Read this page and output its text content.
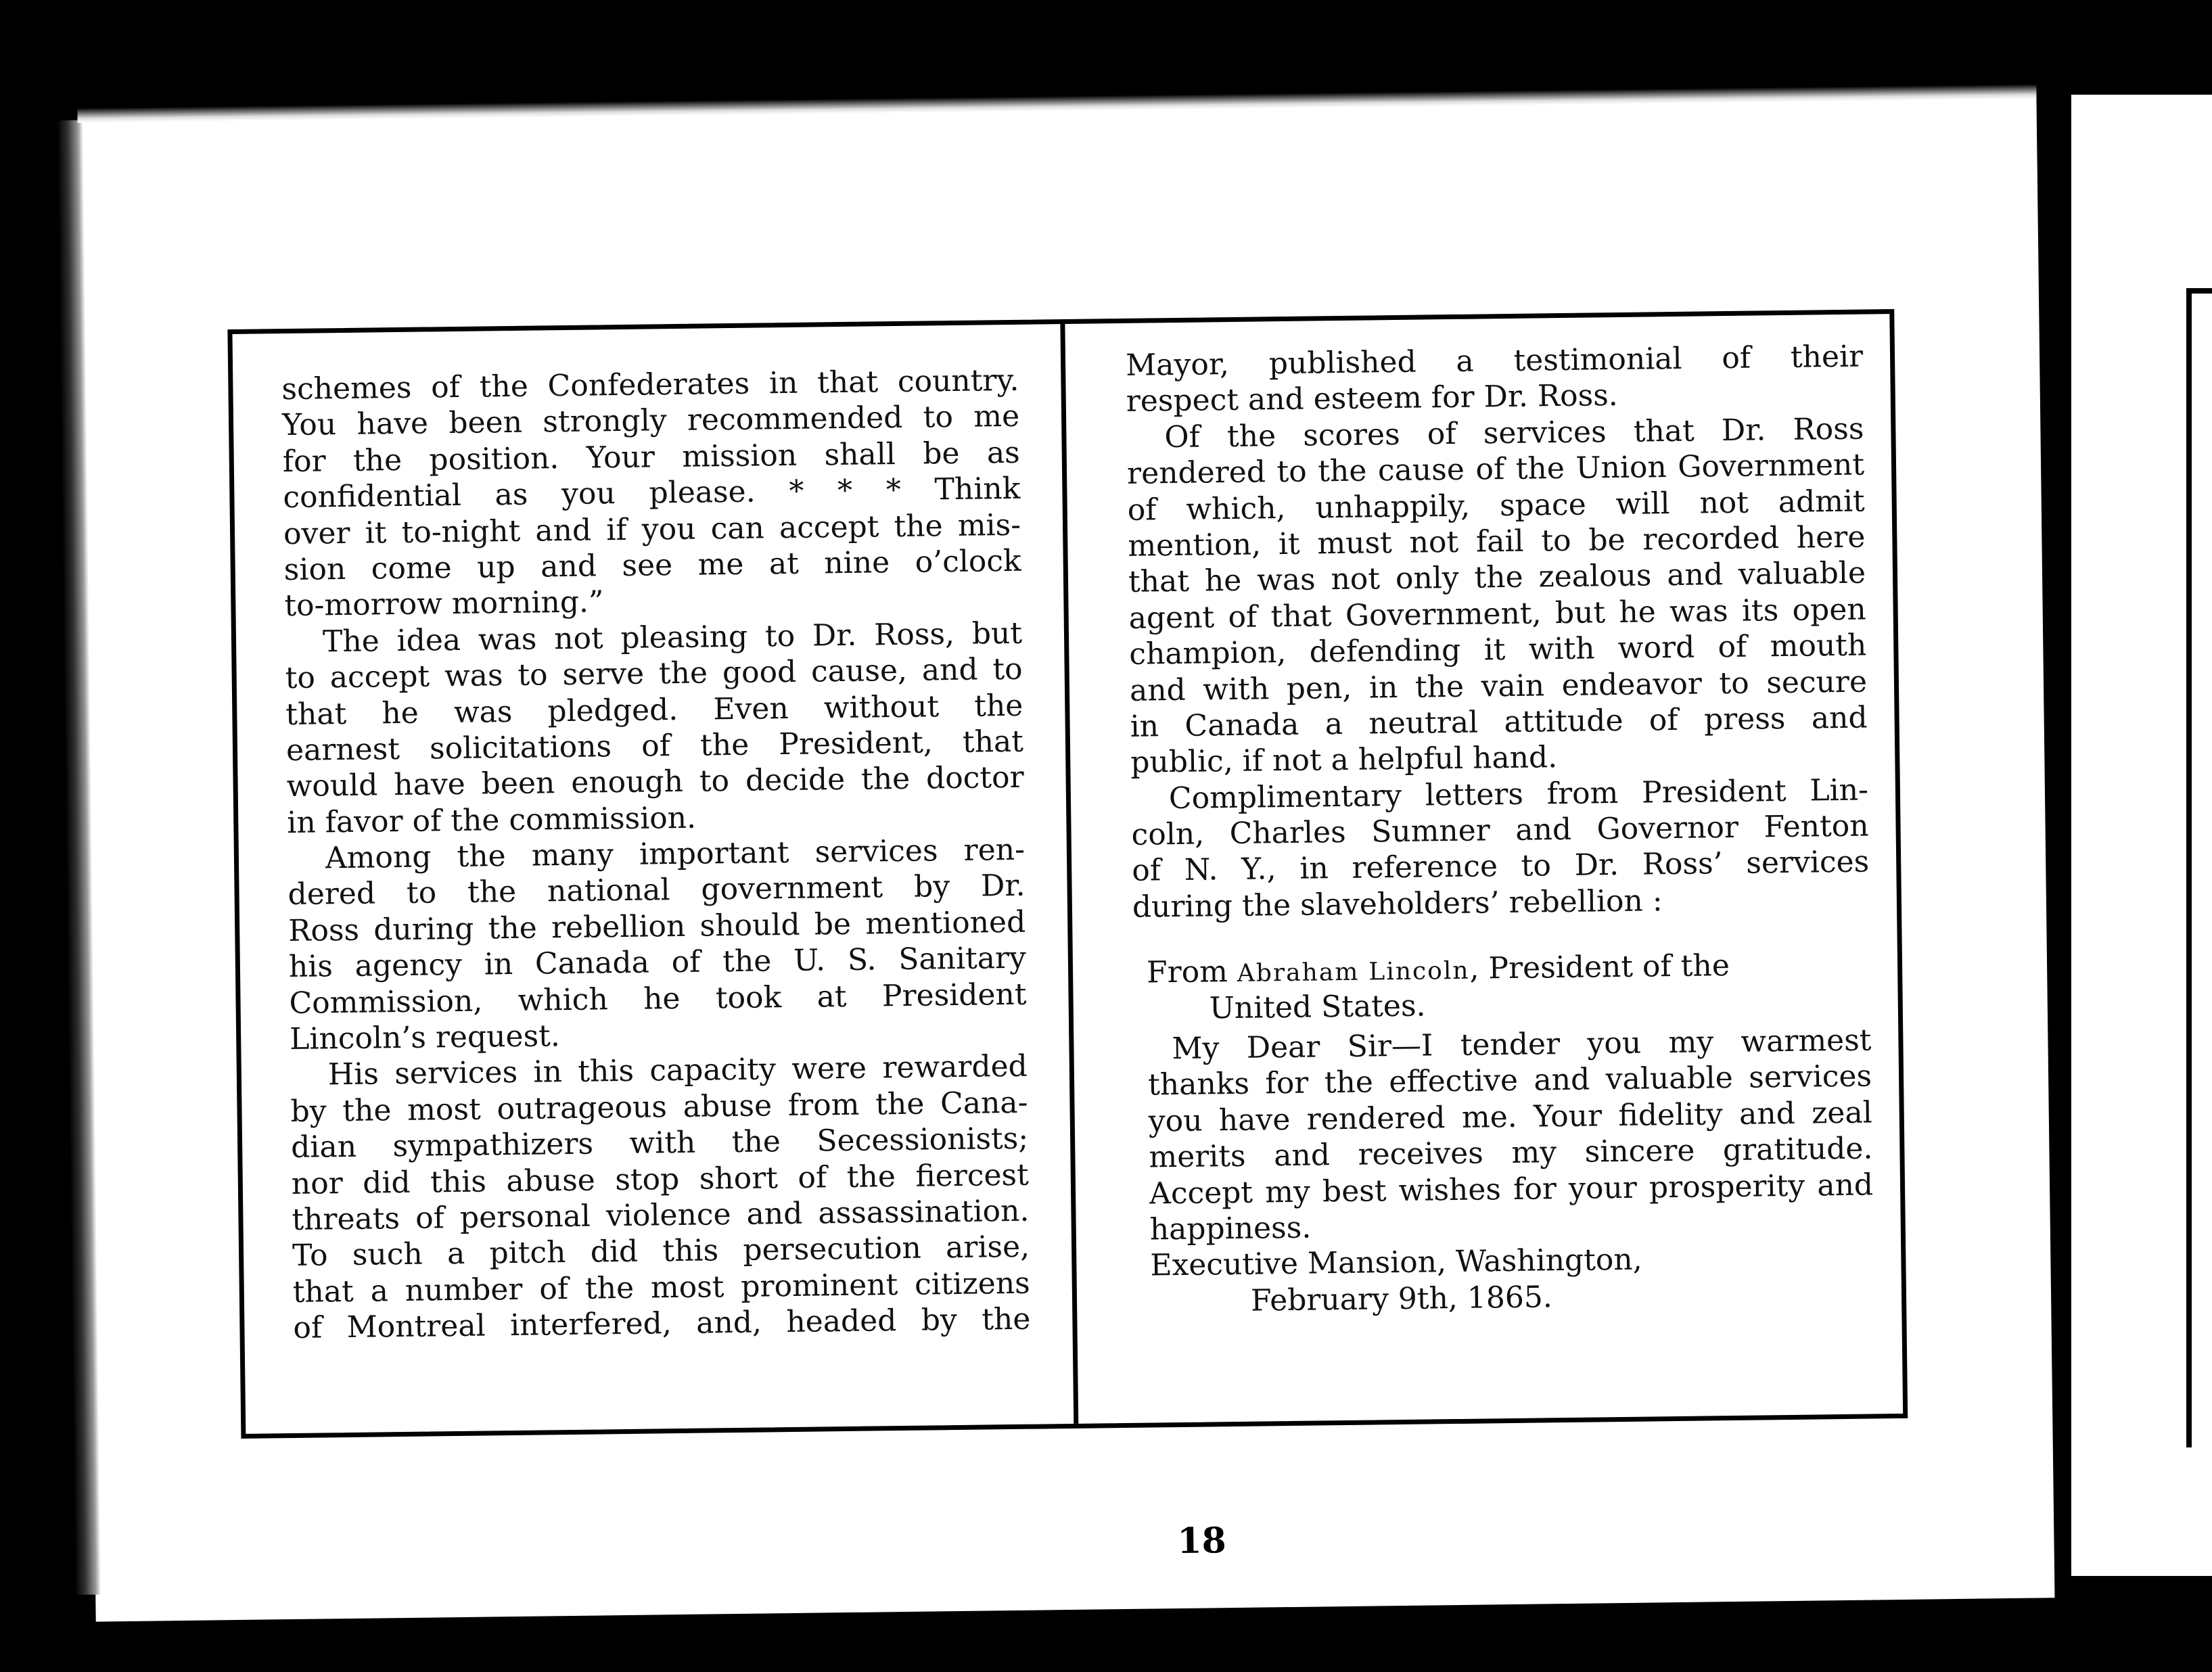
schemes of the Confederates in that country.
You have been strongly recommended to me
for the position. Your mission shall be as
confidential as you please. * * * Think
over it to-night and if you can accept the mis-
sion come up and see me at nine o’clock
to-morrow morning.”
The idea was not pleasing to Dr. Ross, but
to accept was to serve the good cause, and to
that he was pledged. Even without the
earnest solicitations of the President, that
would have been enough to decide the doctor
in favor of the commission.
Among the many important services ren-
dered to the national government by Dr.
Ross during the rebellion should be mentioned
his agency in Canada of the U. S. Sanitary
Commission, which he took at President
Lincoln’s request.
His services in this capacity were rewarded
by the most outrageous abuse from the Cana-
dian sympathizers with the Secessionists;
nor did this abuse stop short of the fiercest
threats of personal violence and assassination.
To such a pitch did this persecution arise,
that a number of the most prominent citizens
of Montreal interfered, and, headed by the
Mayor, published a testimonial of their
respect and esteem for Dr. Ross.
Of the scores of services that Dr. Ross
rendered to the cause of the Union Government
of which, unhappily, space will not admit
mention, it must not fail to be recorded here
that he was not only the zealous and valuable
agent of that Government, but he was its open
champion, defending it with word of mouth
and with pen, in the vain endeavor to secure
in Canada a neutral attitude of press and
public, if not a helpful hand.
Complimentary letters from President Lin-
coln, Charles Sumner and Governor Fenton
of N. Y., in reference to Dr. Ross’ services
during the slaveholders’ rebellion :
From Abraham Lincoln, President of the
United States.
My Dear Sir—I tender you my warmest
thanks for the effective and valuable services
you have rendered me. Your fidelity and zeal
merits and receives my sincere gratitude.
Accept my best wishes for your prosperity and
happiness.
Executive Mansion, Washington,
February 9th, 1865.
18
